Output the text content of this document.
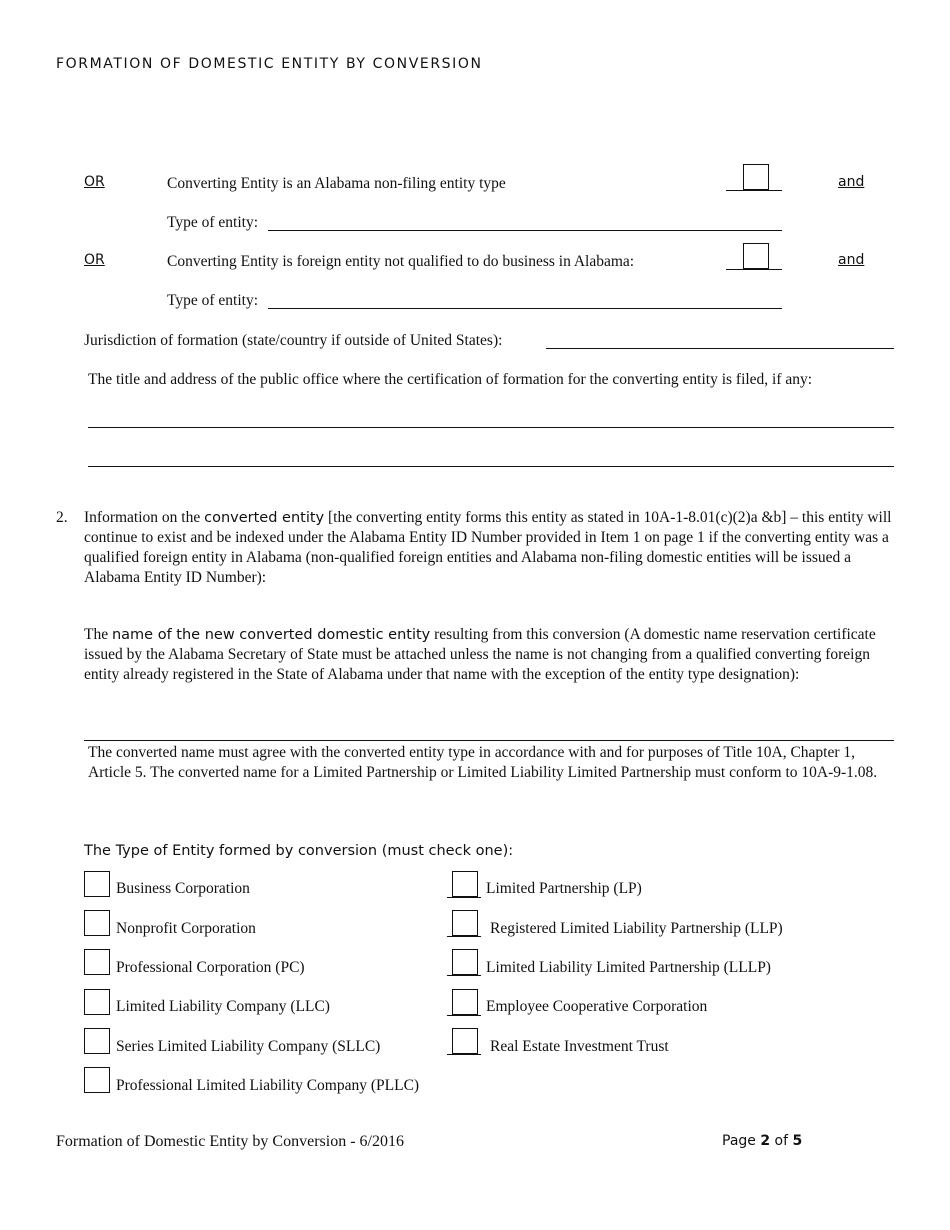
FORMATION OF DOMESTIC ENTITY BY CONVERSION
OR	Converting Entity is an Alabama non-filing entity type	and
Type of entity:
OR	Converting Entity is foreign entity not qualified to do business in Alabama:	and
Type of entity:
Jurisdiction of formation (state/country if outside of United States):
The title and address of the public office where the certification of formation for the converting entity is filed, if any:
2. Information on the converted entity [the converting entity forms this entity as stated in 10A-1-8.01(c)(2)a &b] – this entity will continue to exist and be indexed under the Alabama Entity ID Number provided in Item 1 on page 1 if the converting entity was a qualified foreign entity in Alabama (non-qualified foreign entities and Alabama non-filing domestic entities will be issued a Alabama Entity ID Number):
The name of the new converted domestic entity resulting from this conversion (A domestic name reservation certificate issued by the Alabama Secretary of State must be attached unless the name is not changing from a qualified converting foreign entity already registered in the State of Alabama under that name with the exception of the entity type designation):
The converted name must agree with the converted entity type in accordance with and for purposes of Title 10A, Chapter 1, Article 5. The converted name for a Limited Partnership or Limited Liability Limited Partnership must conform to 10A-9-1.08.
The Type of Entity formed by conversion (must check one):
Business Corporation
Nonprofit Corporation
Professional Corporation (PC)
Limited Liability Company (LLC)
Series Limited Liability Company (SLLC)
Professional Limited Liability Company (PLLC)
Limited Partnership (LP)
Registered Limited Liability Partnership (LLP)
Limited Liability Limited Partnership (LLLP)
Employee Cooperative Corporation
Real Estate Investment Trust
Formation of Domestic Entity by Conversion - 6/2016	Page 2 of 5
